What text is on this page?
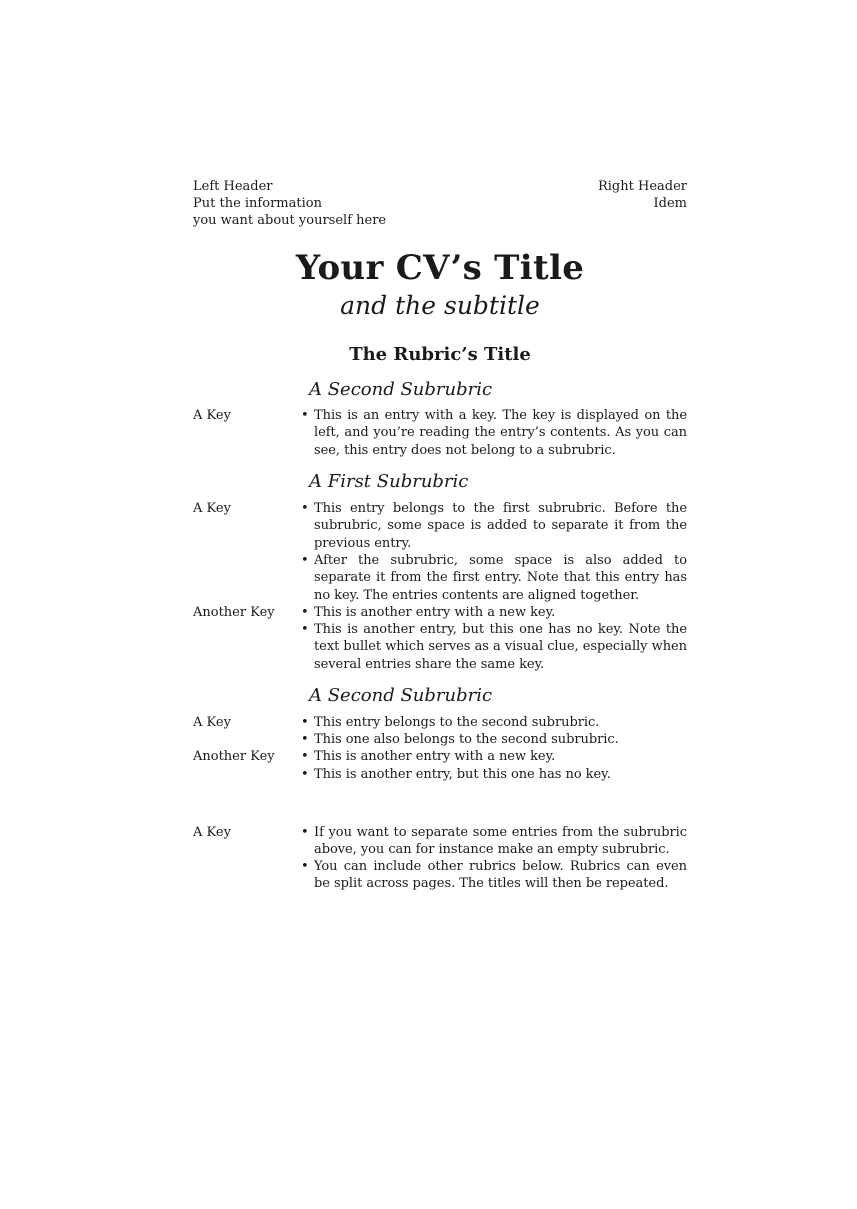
Left Header
Put the information
you want about yourself here
Right Header
Idem
Your CV’s Title
and the subtitle
The Rubric’s Title
A Second Subrubric
A Key	• This is an entry with a key. The key is displayed on the left, and you’re reading the entry’s contents. As you can see, this entry does not belong to a subrubric.
A First Subrubric
A Key	• This entry belongs to the first subrubric. Before the subrubric, some space is added to separate it from the previous entry.
• After the subrubric, some space is also added to separate it from the first entry. Note that this entry has no key. The entries contents are aligned together.
Another Key • This is another entry with a new key.
• This is another entry, but this one has no key. Note the text bullet which serves as a visual clue, especially when several entries share the same key.
A Second Subrubric
A Key	• This entry belongs to the second subrubric.
• This one also belongs to the second subrubric.
Another Key • This is another entry with a new key.
• This is another entry, but this one has no key.
A Key	• If you want to separate some entries from the subrubric above, you can for instance make an empty subrubric.
• You can include other rubrics below. Rubrics can even be split across pages. The titles will then be repeated.
